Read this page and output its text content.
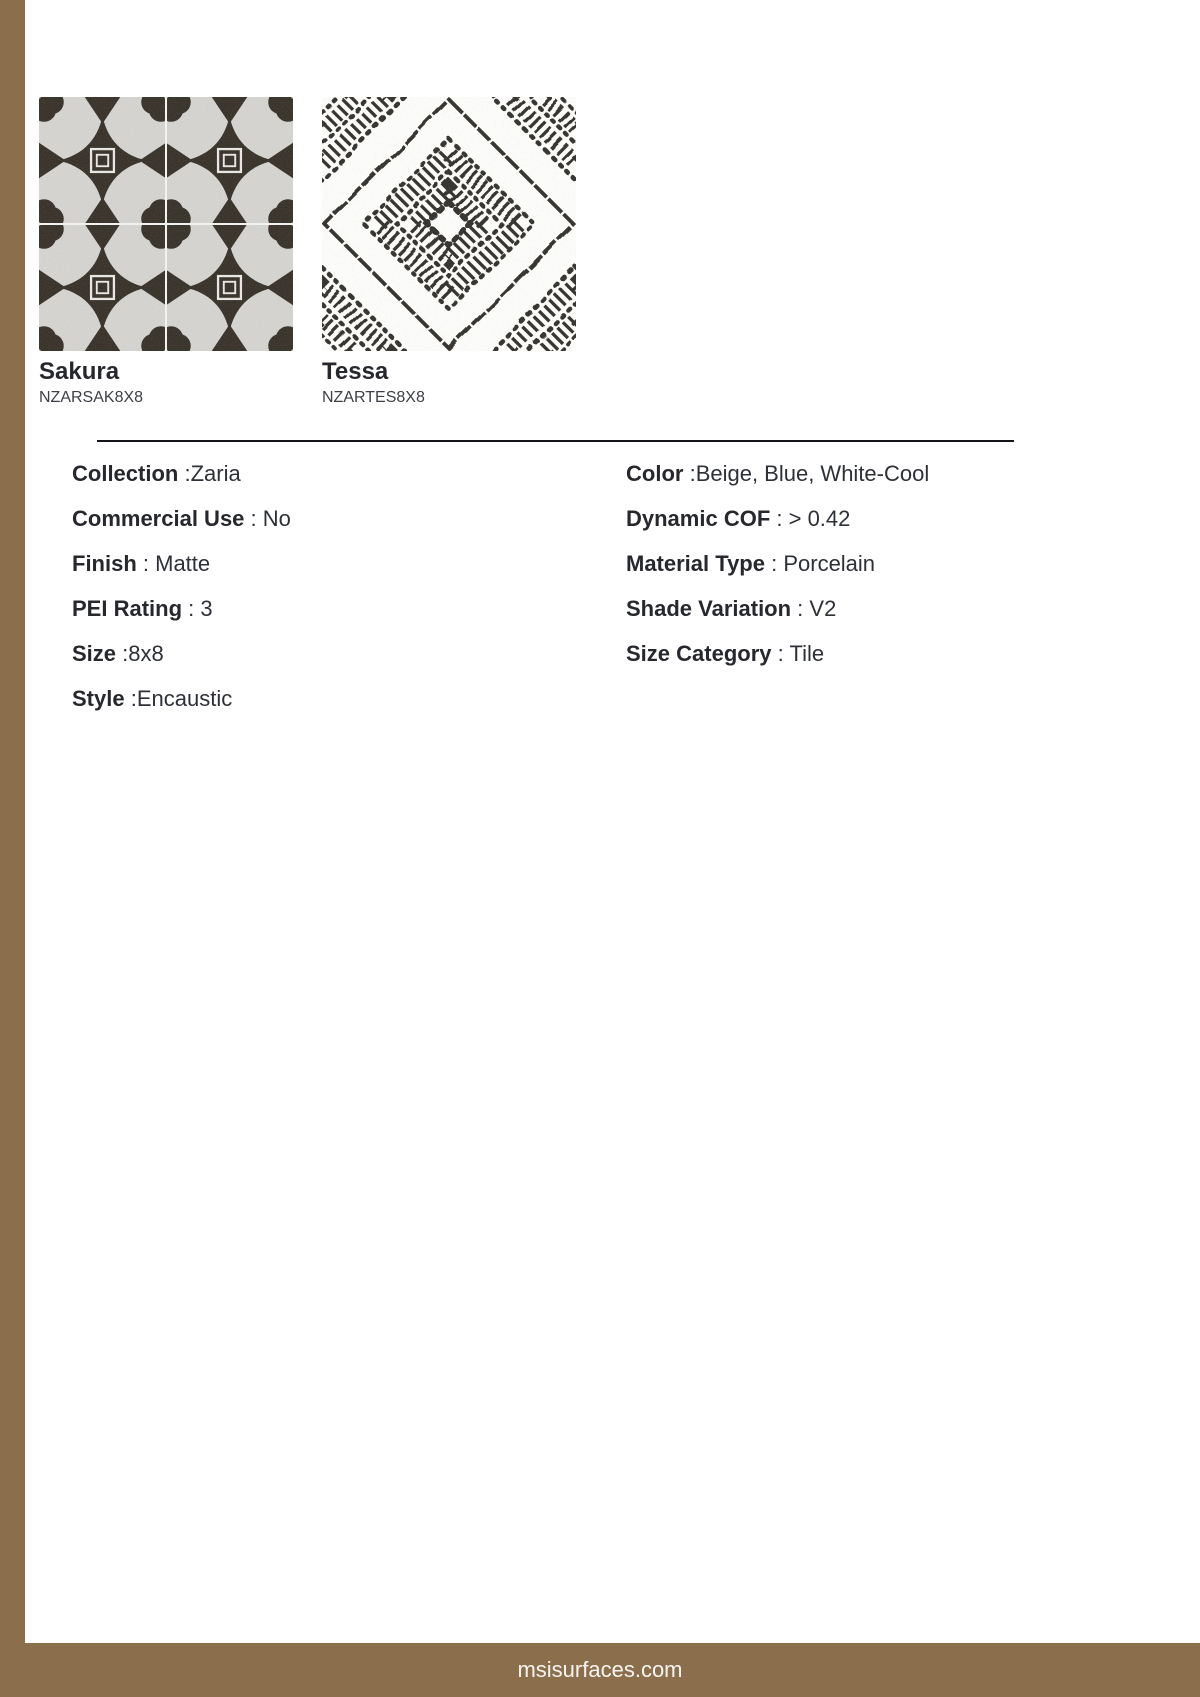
Sakura
NZARSAK8X8
Tessa
NZARTES8X8
Collection :Zaria
Commercial Use : No
Finish : Matte
PEI Rating : 3
Size :8x8
Style :Encaustic
Color :Beige, Blue, White-Cool
Dynamic COF : > 0.42
Material Type : Porcelain
Shade Variation : V2
Size Category : Tile
msisurfaces.com
